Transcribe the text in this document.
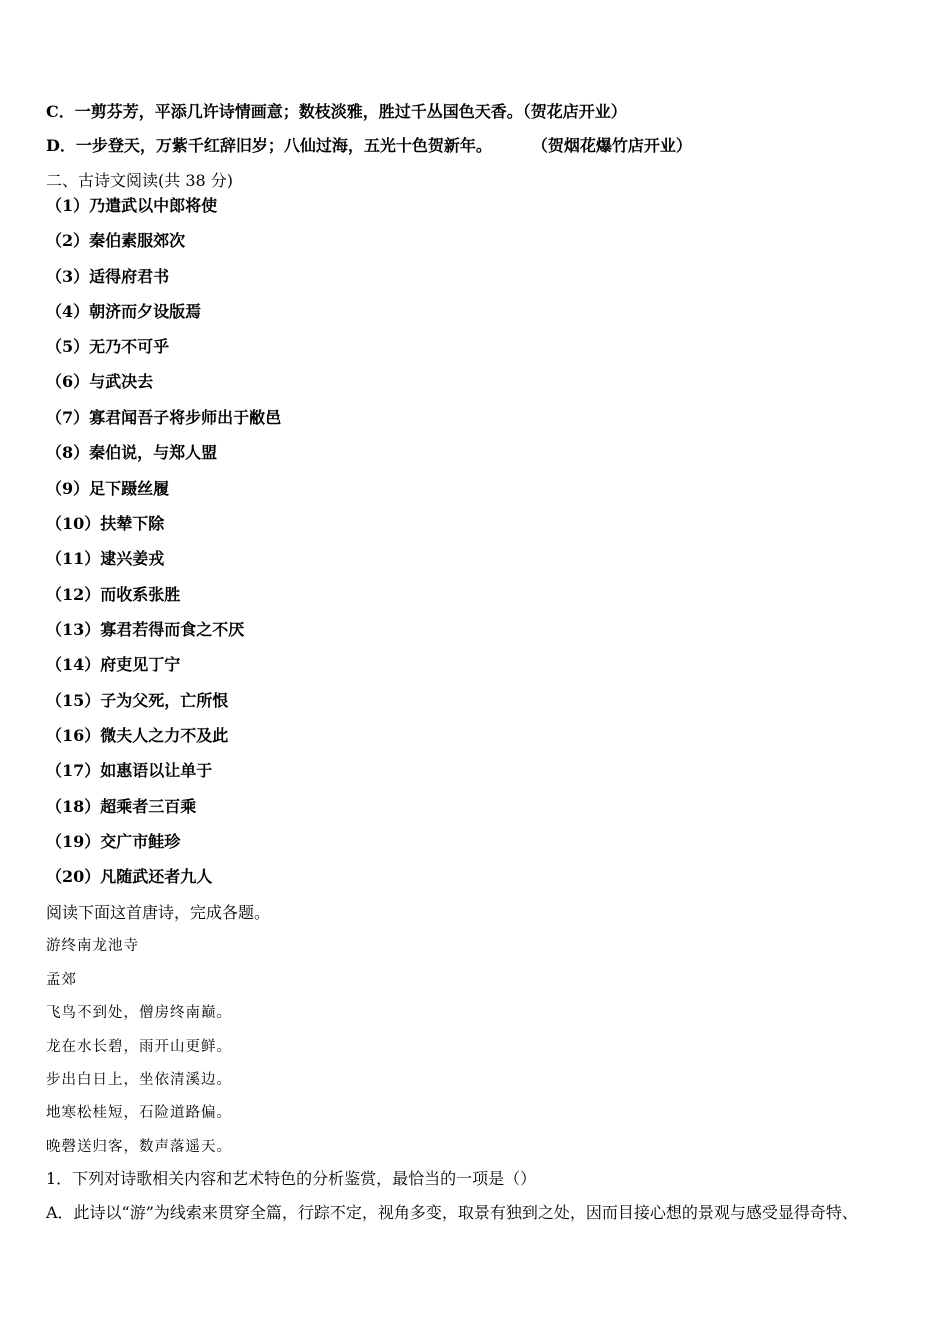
C．一剪芬芳，平添几许诗情画意；数枝淡雅，胜过千丛国色天香。（贺花店开业）

D．一步登天，万紫千红辞旧岁；八仙过海，五光十色贺新年。	（贺烟花爆竹店开业）

二、古诗文阅读(共 38 分)

（1）乃遣武以中郎将使

（2）秦伯素服郊次

（3）适得府君书

（4）朝济而夕设版焉

（5）无乃不可乎

（6）与武决去

（7）寡君闻吾子将步师出于敝邑

（8）秦伯说，与郑人盟

（9）足下蹑丝履

（10）扶辇下除

（11）逮兴姜戎

（12）而收系张胜

（13）寡君若得而食之不厌

（14）府吏见丁宁

（15）子为父死，亡所恨

（16）微夫人之力不及此

（17）如惠语以让单于

（18）超乘者三百乘

（19）交广市鲑珍

（20）凡随武还者九人

阅读下面这首唐诗，完成各题。

游终南龙池寺

孟郊

飞鸟不到处，僧房终南巅。

龙在水长碧，雨开山更鲜。

步出白日上，坐依清溪边。

地寒松桂短，石险道路偏。

晚磬送归客，数声落遥天。

1．下列对诗歌相关内容和艺术特色的分析鉴赏，最恰当的一项是（）

A．此诗以“游”为线索来贯穿全篇，行踪不定，视角多变，取景有独到之处，因而目接心想的景观与感受显得奇特、
